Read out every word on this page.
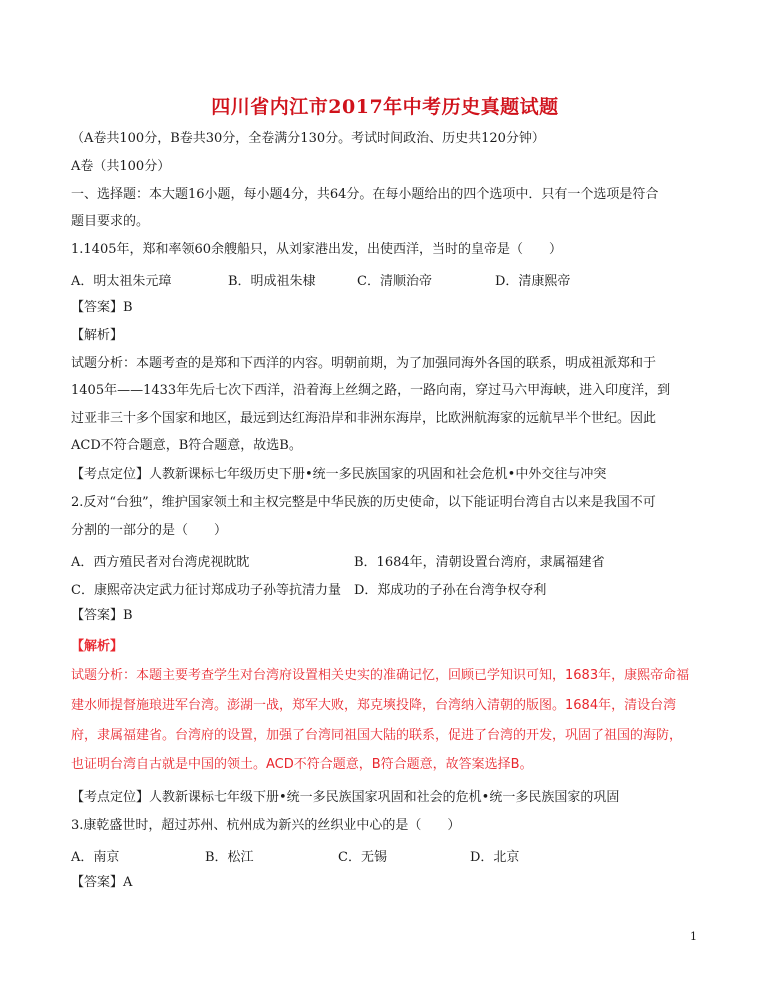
四川省内江市2017年中考历史真题试题
（A卷共100分，B卷共30分，全卷满分130分。考试时间政治、历史共120分钟）
A卷（共100分）
一、选择题：本大题16小题，每小题4分，共64分。在每小题给出的四个选项中．只有一个选项是符合
题目要求的。
1.1405年，郑和率领60余艘船只，从刘家港出发，出使西洋，当时的皇帝是（　　）
A．明太祖朱元璋	B．明成祖朱棣	C．清顺治帝	D．清康熙帝
【答案】B
【解析】
试题分析：本题考查的是郑和下西洋的内容。明朝前期，为了加强同海外各国的联系，明成祖派郑和于
1405年——1433年先后七次下西洋，沿着海上丝绸之路，一路向南，穿过马六甲海峡，进入印度洋，到
过亚非三十多个国家和地区，最远到达红海沿岸和非洲东海岸，比欧洲航海家的远航早半个世纪。因此
ACD不符合题意，B符合题意，故选B。
【考点定位】人教新课标七年级历史下册•统一多民族国家的巩固和社会危机•中外交往与冲突
2.反对“台独”，维护国家领土和主权完整是中华民族的历史使命，以下能证明台湾自古以来是我国不可
分割的一部分的是（　　）
A．西方殖民者对台湾虎视眈眈	B．1684年，清朝设置台湾府，隶属福建省
C．康熙帝决定武力征讨郑成功子孙等抗清力量 D．郑成功的子孙在台湾争权夺利
【答案】B
【解析】
试题分析：本题主要考查学生对台湾府设置相关史实的准确记忆，回顾已学知识可知，1683年，康熙帝命福
建水师提督施琅进军台湾。澎湖一战，郑军大败，郑克塽投降，台湾纳入清朝的版图。1684年，清设台湾
府，隶属福建省。台湾府的设置，加强了台湾同祖国大陆的联系，促进了台湾的开发，巩固了祖国的海防，
也证明台湾自古就是中国的领土。ACD不符合题意，B符合题意，故答案选择B。
【考点定位】人教新课标七年级下册•统一多民族国家巩固和社会的危机•统一多民族国家的巩固
3.康乾盛世时，超过苏州、杭州成为新兴的丝织业中心的是（　　）
A．南京	B．松江	C．无锡	D．北京
【答案】A
1
